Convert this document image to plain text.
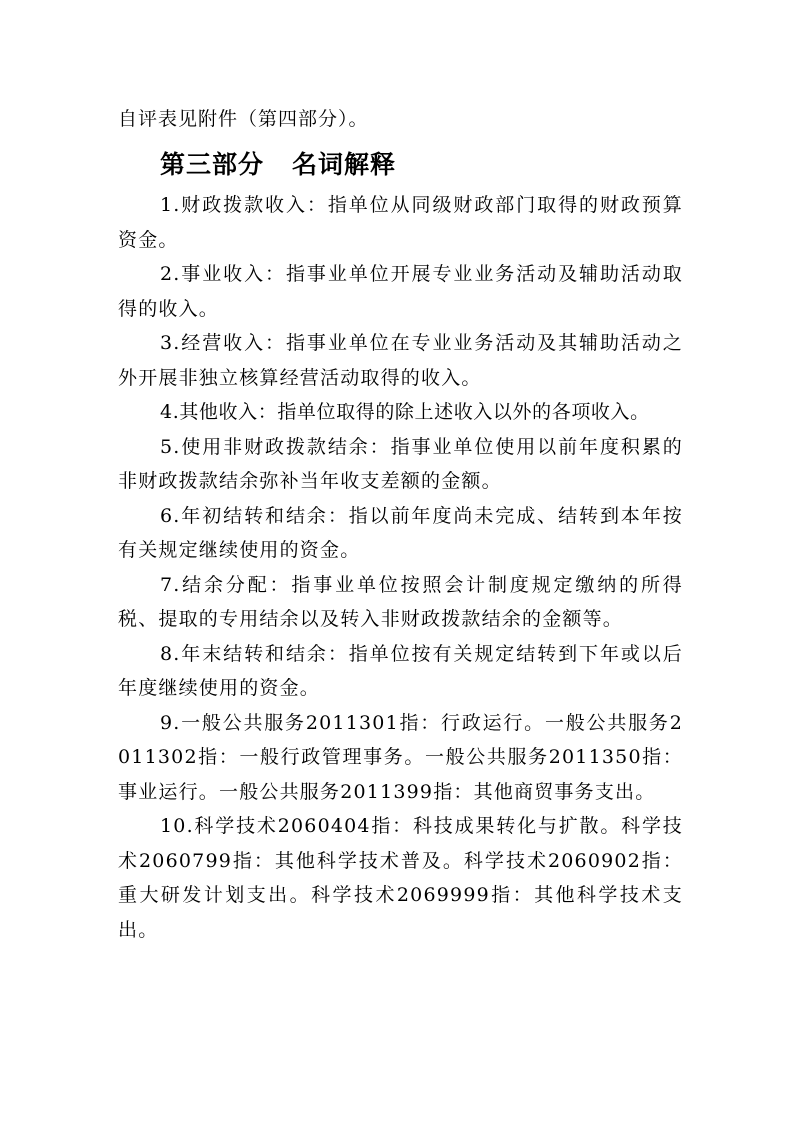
自评表见附件（第四部分）。

第三部分 名词解释

1.财政拨款收入：指单位从同级财政部门取得的财政预算资金。

2.事业收入：指事业单位开展专业业务活动及辅助活动取得的收入。

3.经营收入：指事业单位在专业业务活动及其辅助活动之外开展非独立核算经营活动取得的收入。

4.其他收入：指单位取得的除上述收入以外的各项收入。

5.使用非财政拨款结余：指事业单位使用以前年度积累的非财政拨款结余弥补当年收支差额的金额。

6.年初结转和结余：指以前年度尚未完成、结转到本年按有关规定继续使用的资金。

7.结余分配：指事业单位按照会计制度规定缴纳的所得税、提取的专用结余以及转入非财政拨款结余的金额等。

8.年末结转和结余：指单位按有关规定结转到下年或以后年度继续使用的资金。

9.一般公共服务2011301指：行政运行。一般公共服务2011302指：一般行政管理事务。一般公共服务2011350指：事业运行。一般公共服务2011399指：其他商贸事务支出。

10.科学技术2060404指：科技成果转化与扩散。科学技术2060799指：其他科学技术普及。科学技术2060902指：重大研发计划支出。科学技术2069999指：其他科学技术支出。
